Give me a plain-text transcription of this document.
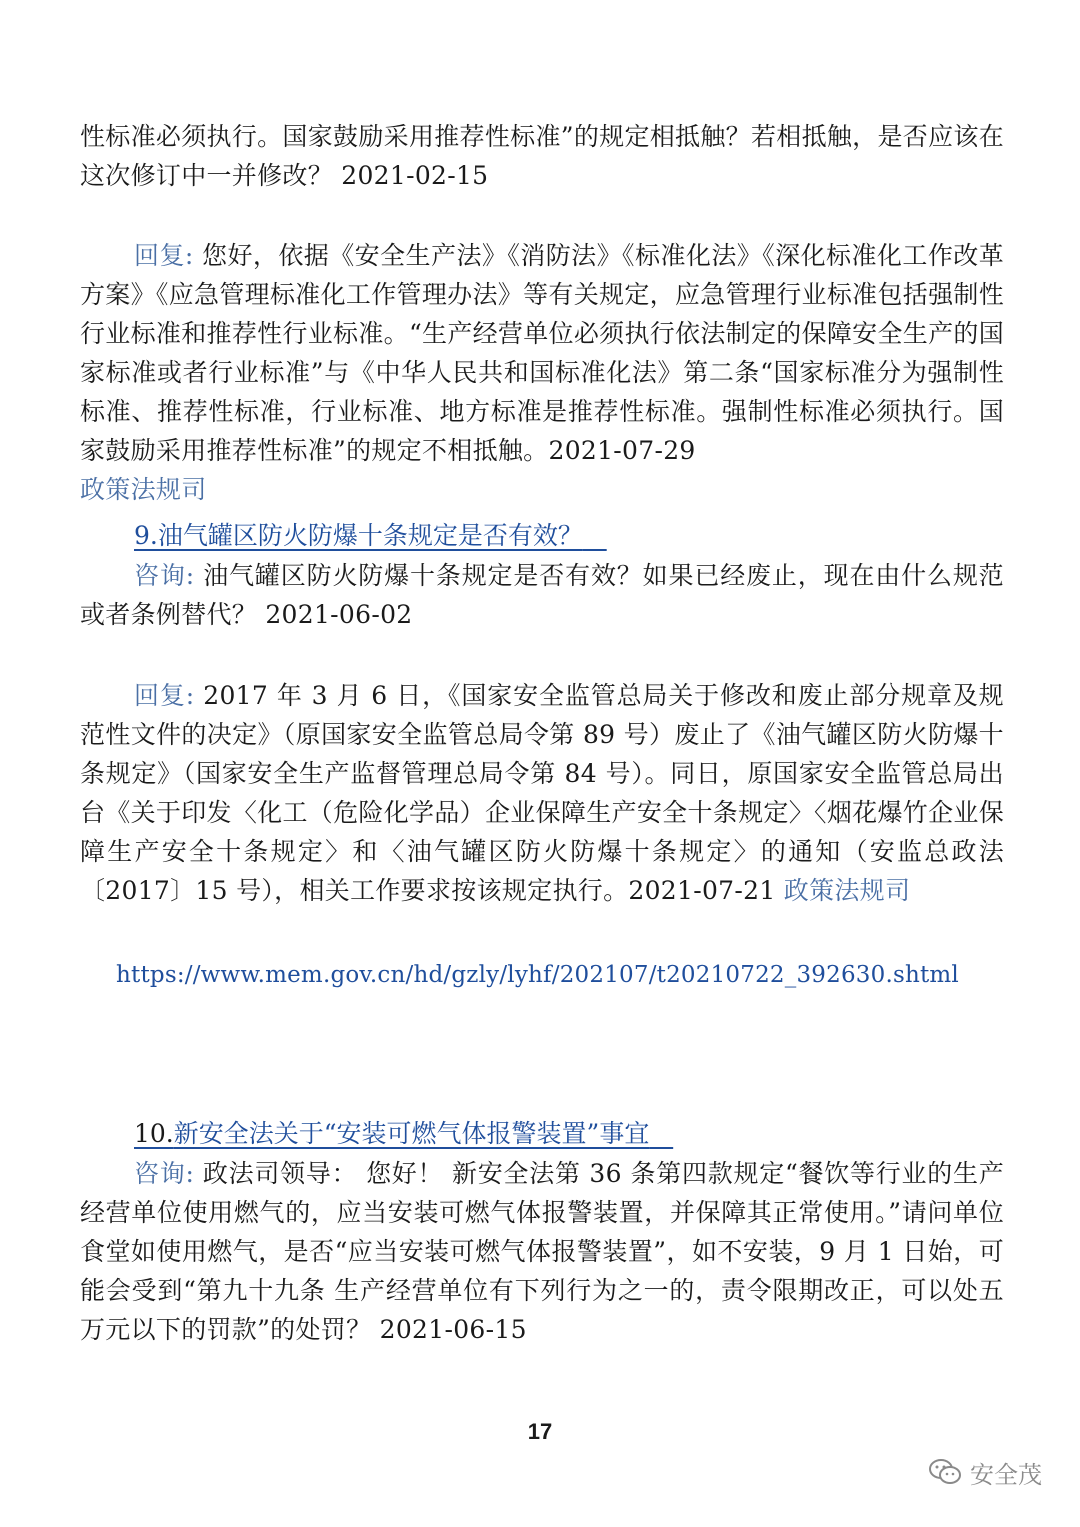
性标准必须执行。国家鼓励采用推荐性标准”的规定相抵触？若相抵触，是否应该在这次修订中一并修改？ 2021-02-15

回复: 您好，依据《安全生产法》《消防法》《标准化法》《深化标准化工作改革方案》《应急管理标准化工作管理办法》等有关规定，应急管理行业标准包括强制性行业标准和推荐性行业标准。“生产经营单位必须执行依法制定的保障安全生产的国家标准或者行业标准”与《中华人民共和国标准化法》第二条“国家标准分为强制性标准、推荐性标准，行业标准、地方标准是推荐性标准。强制性标准必须执行。国家鼓励采用推荐性标准”的规定不相抵触。2021-07-29
政策法规司

9.油气罐区防火防爆十条规定是否有效？

咨询: 油气罐区防火防爆十条规定是否有效？如果已经废止，现在由什么规范或者条例替代？ 2021-06-02

回复: 2017 年 3 月 6 日，《国家安全监管总局关于修改和废止部分规章及规范性文件的决定》（原国家安全监管总局令第 89 号）废止了《油气罐区防火防爆十条规定》（国家安全生产监督管理总局令第 84 号）。同日，原国家安全监管总局出台《关于印发〈化工（危险化学品）企业保障生产安全十条规定〉〈烟花爆竹企业保障生产安全十条规定〉和〈油气罐区防火防爆十条规定〉的通知（安监总政法〔2017〕15 号），相关工作要求按该规定执行。2021-07-21 政策法规司

https://www.mem.gov.cn/hd/gzly/lyhf/202107/t20210722_392630.shtml
10.新安全法关于“安装可燃气体报警装置”事宜

咨询: 政法司领导： 您好！ 新安全法第 36 条第四款规定“餐饮等行业的生产经营单位使用燃气的，应当安装可燃气体报警装置，并保障其正常使用。”请问单位食堂如使用燃气，是否“应当安装可燃气体报警装置”，如不安装，9 月 1 日始，可能会受到“第九十九条 生产经营单位有下列行为之一的，责令限期改正，可以处五万元以下的罚款”的处罚？ 2021-06-15

17
安全茂
